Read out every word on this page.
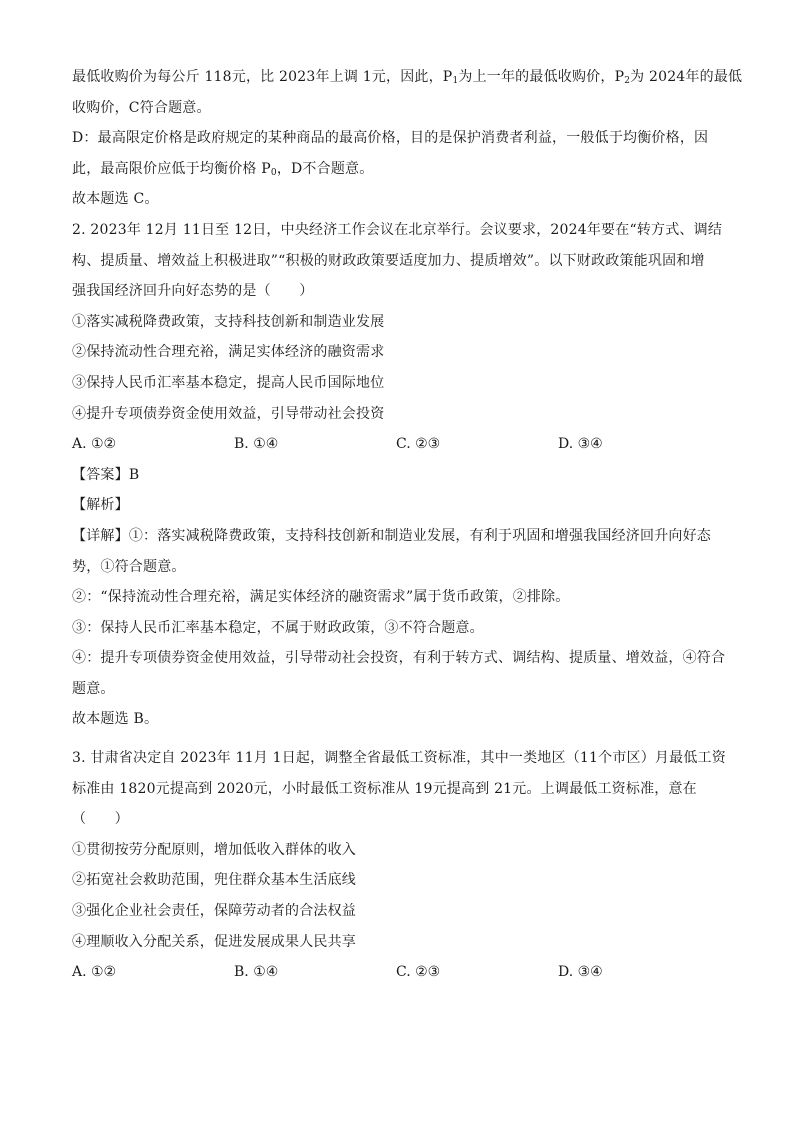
最低收购价为每公斤 118元，比 2023年上调 1元，因此，$P_1$为上一年的最低收购价，$P_2$为 2024年的最低
收购价，C符合题意。
D：最高限定价格是政府规定的某种商品的最高价格，目的是保护消费者利益，一般低于均衡价格，因
此，最高限价应低于均衡价格 $P_0$，D不合题意。
故本题选 C。
2. 2023年 12月 11日至 12日，中央经济工作会议在北京举行。会议要求，2024年要在“转方式、调结
构、提质量、增效益上积极进取”“积极的财政政策要适度加力、提质增效”。以下财政政策能巩固和增
强我国经济回升向好态势的是（　　）
①落实减税降费政策，支持科技创新和制造业发展
②保持流动性合理充裕，满足实体经济的融资需求
③保持人民币汇率基本稳定，提高人民币国际地位
④提升专项债券资金使用效益，引导带动社会投资
A. ①②	B. ①④	C. ②③	D. ③④
【答案】B
【解析】
【详解】①：落实减税降费政策，支持科技创新和制造业发展，有利于巩固和增强我国经济回升向好态
势，①符合题意。
②：“保持流动性合理充裕，满足实体经济的融资需求”属于货币政策，②排除。
③：保持人民币汇率基本稳定，不属于财政政策，③不符合题意。
④：提升专项债券资金使用效益，引导带动社会投资，有利于转方式、调结构、提质量、增效益，④符合
题意。
故本题选 B。
3. 甘肃省决定自 2023年 11月 1日起，调整全省最低工资标准，其中一类地区（11个市区）月最低工资
标准由 1820元提高到 2020元，小时最低工资标准从 19元提高到 21元。上调最低工资标准，意在
（　　）
①贯彻按劳分配原则，增加低收入群体的收入
②拓宽社会救助范围，兜住群众基本生活底线
③强化企业社会责任，保障劳动者的合法权益
④理顺收入分配关系，促进发展成果人民共享
A. ①②	B. ①④	C. ②③	D. ③④
